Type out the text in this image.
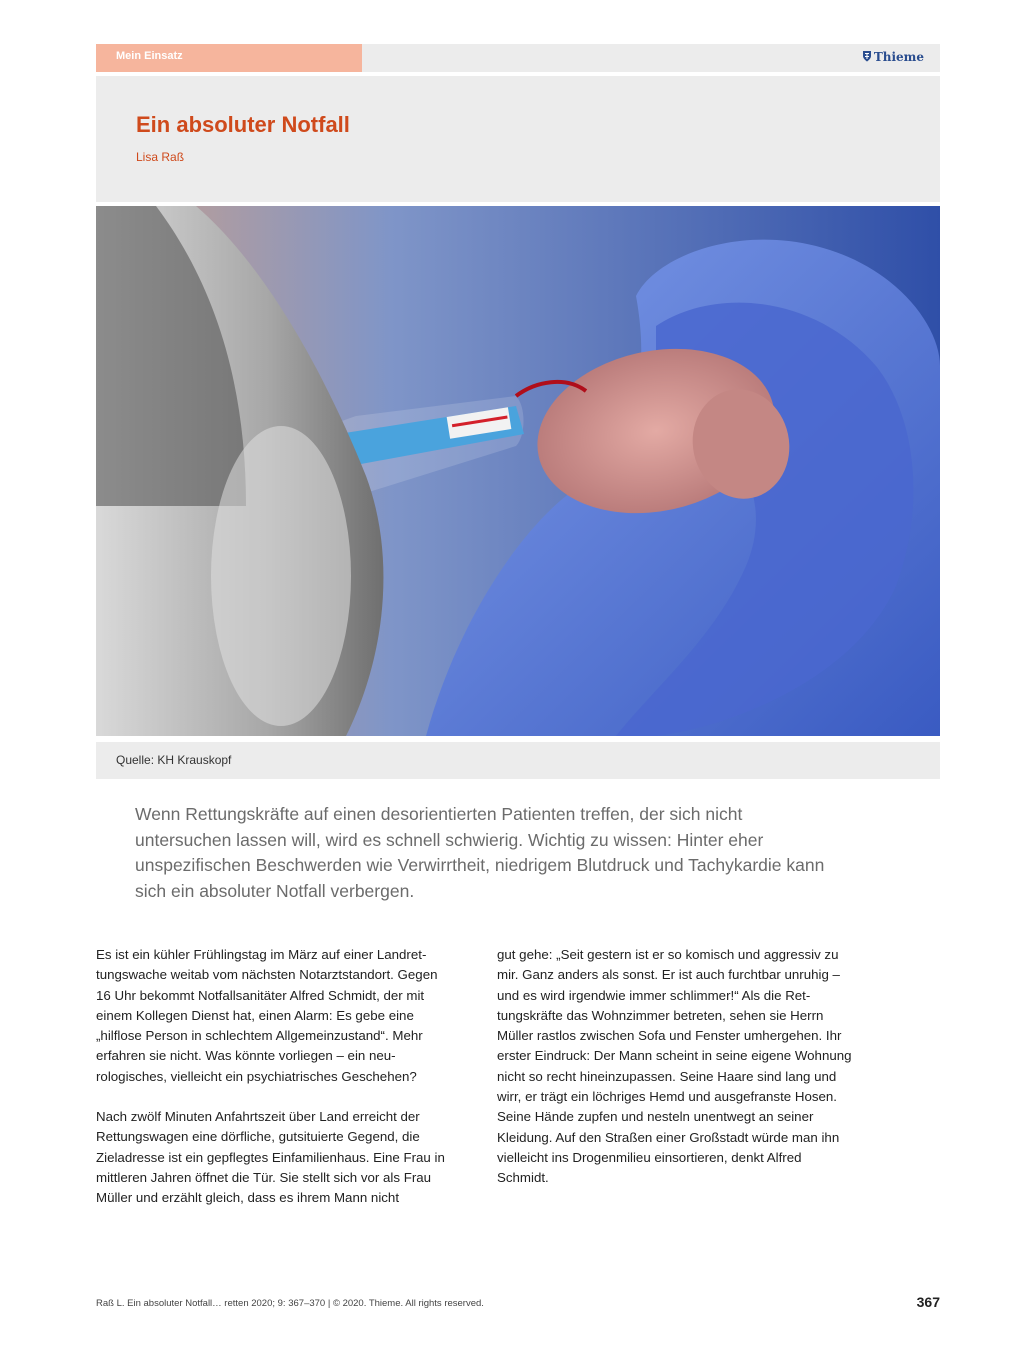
Mein Einsatz	Thieme
Ein absoluter Notfall
Lisa Raß
Quelle: KH Krauskopf

Wenn Rettungskräfte auf einen desorientierten Patienten treffen, der sich nicht untersuchen lassen will, wird es schnell schwierig. Wichtig zu wissen: Hinter eher unspezifischen Beschwerden wie Verwirrtheit, niedrigem Blutdruck und Tachykardie kann sich ein absoluter Notfall verbergen.

Es ist ein kühler Frühlingstag im März auf einer Landrettungswache weitab vom nächsten Notarztstandort. Gegen 16 Uhr bekommt Notfallsanitäter Alfred Schmidt, der mit einem Kollegen Dienst hat, einen Alarm: Es gebe eine „hilflose Person in schlechtem Allgemeinzustand“. Mehr erfahren sie nicht. Was könnte vorliegen – ein neurologisches, vielleicht ein psychiatrisches Geschehen?

Nach zwölf Minuten Anfahrtszeit über Land erreicht der Rettungswagen eine dörfliche, gutsituierte Gegend, die Zieladresse ist ein gepflegtes Einfamilienhaus. Eine Frau in mittleren Jahren öffnet die Tür. Sie stellt sich vor als Frau Müller und erzählt gleich, dass es ihrem Mann nicht

gut gehe: „Seit gestern ist er so komisch und aggressiv zu mir. Ganz anders als sonst. Er ist auch furchtbar unruhig – und es wird irgendwie immer schlimmer!“ Als die Rettungskräfte das Wohnzimmer betreten, sehen sie Herrn Müller rastlos zwischen Sofa und Fenster umhergehen. Ihr erster Eindruck: Der Mann scheint in seine eigene Wohnung nicht so recht hineinzupassen. Seine Haare sind lang und wirr, er trägt ein löchriges Hemd und ausgefranste Hosen. Seine Hände zupfen und nesteln unentwegt an seiner Kleidung. Auf den Straßen einer Großstadt würde man ihn vielleicht ins Drogenmilieu einsortieren, denkt Alfred Schmidt.

Raß L. Ein absoluter Notfall… retten 2020; 9: 367–370 | © 2020. Thieme. All rights reserved.	367
